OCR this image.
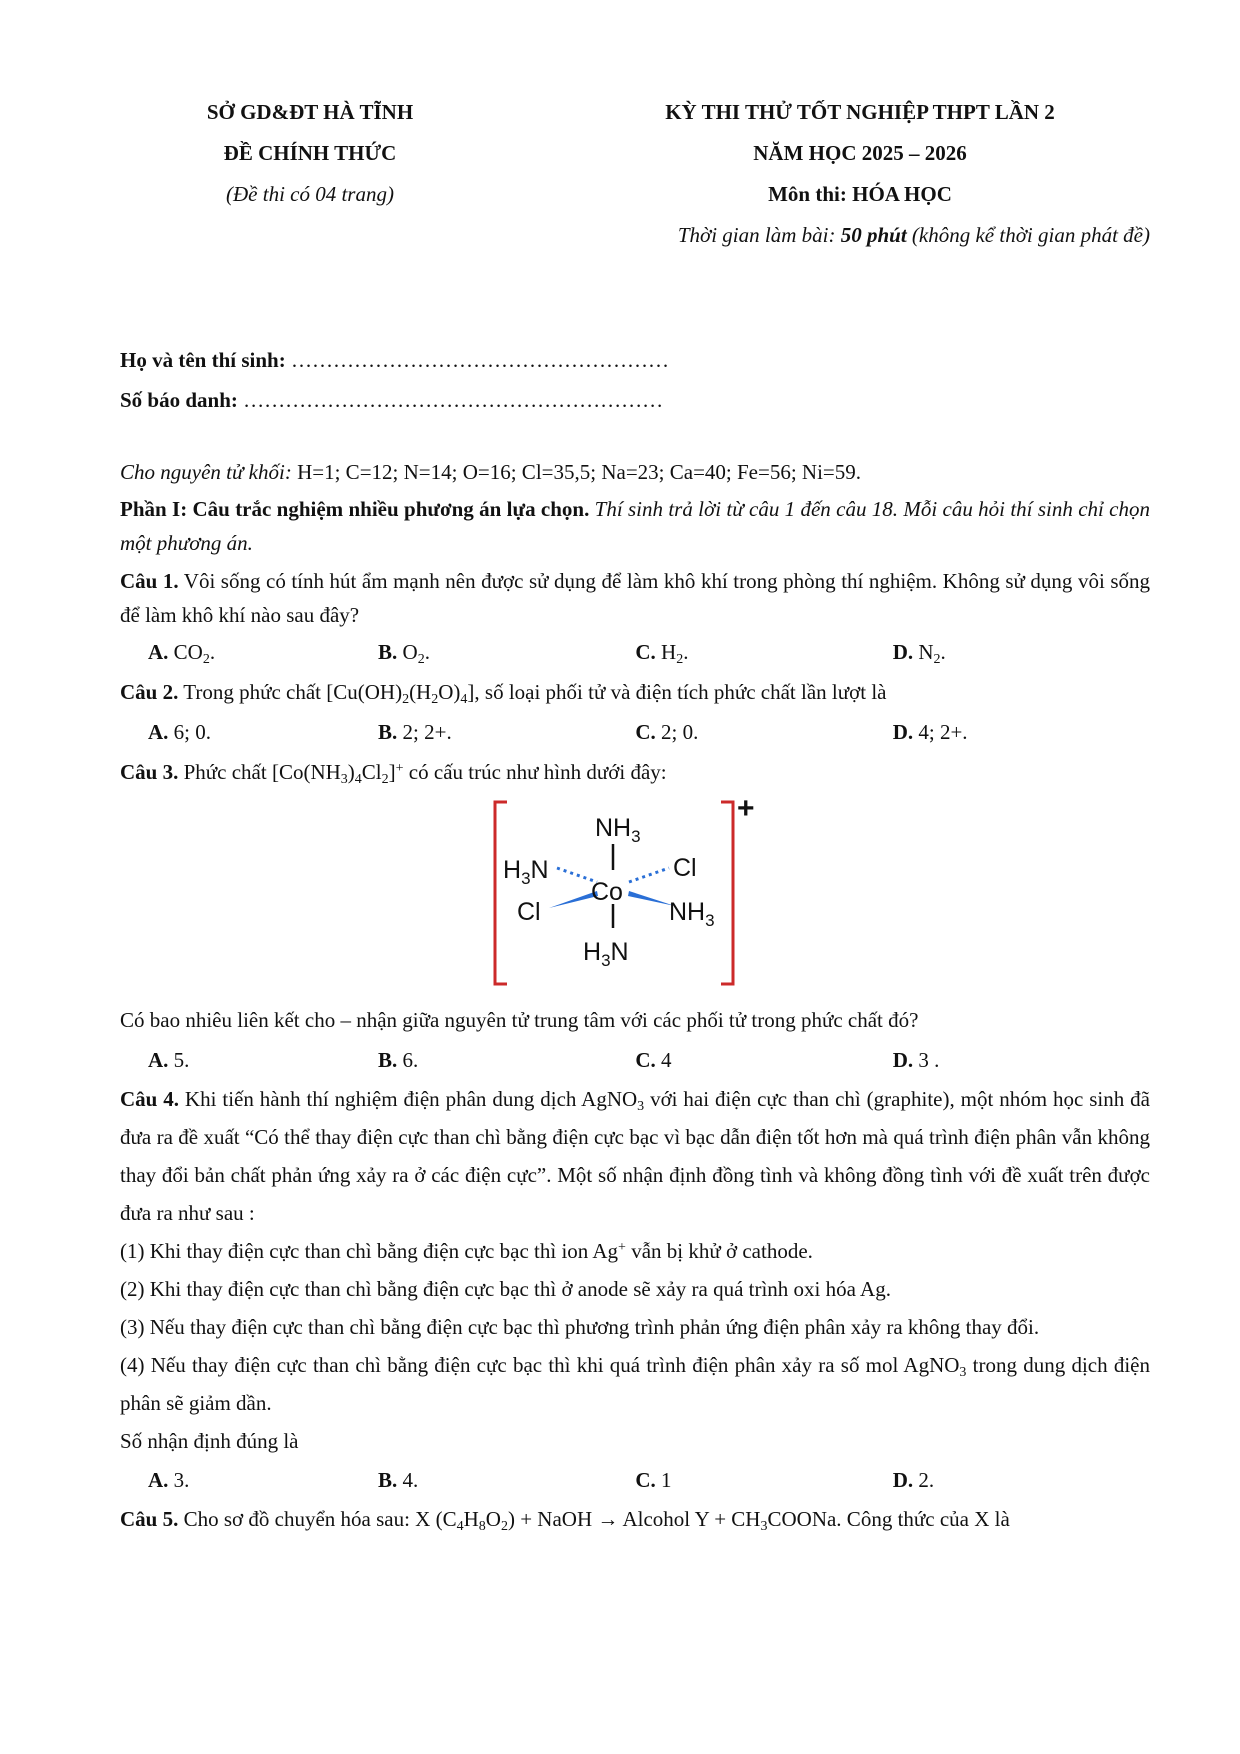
SỞ GD&ĐT HÀ TĨNH
ĐỀ CHÍNH THỨC
(Đề thi có 04 trang)
KỲ THI THỬ TỐT NGHIỆP THPT LẦN 2
NĂM HỌC 2025 – 2026
Môn thi: HÓA HỌC
Thời gian làm bài: 50 phút (không kể thời gian phát đề)
Họ và tên thí sinh: ………………………………………………
Số báo danh: ……………………………………………………

Cho nguyên tử khối: H=1; C=12; N=14; O=16; Cl=35,5; Na=23; Ca=40; Fe=56; Ni=59.

Phần I: Câu trắc nghiệm nhiều phương án lựa chọn. Thí sinh trả lời từ câu 1 đến câu 18. Mỗi câu hỏi thí sinh chỉ chọn một phương án.

Câu 1. Vôi sống có tính hút ẩm mạnh nên được sử dụng để làm khô khí trong phòng thí nghiệm. Không sử dụng vôi sống để làm khô khí nào sau đây?

A. $CO_2$.	B. $O_2$.	C. $H_2$.	D. $N_2$.

Câu 2. Trong phức chất $[Cu(OH)_2(H_2O)_4]$, số loại phối tử và điện tích phức chất lần lượt là

A. 6; 0.	B. 2; 2+.	C. 2; 0.	D. 4; 2+.

Câu 3. Phức chất $[Co(NH_3)_4Cl_2]^+$ có cấu trúc như hình dưới đây:

$NH_3$
Co
$H_3N$	Cl
Cl	$NH_3$
$H_3N$
+

Có bao nhiêu liên kết cho – nhận giữa nguyên tử trung tâm với các phối tử trong phức chất đó?

A. 5.	B. 6.	C. 4	D. 3 .

Câu 4. Khi tiến hành thí nghiệm điện phân dung dịch AgNO$_3$ với hai điện cực than chì (graphite), một nhóm học sinh đã đưa ra đề xuất “Có thể thay điện cực than chì bằng điện cực bạc vì bạc dẫn điện tốt hơn mà quá trình điện phân vẫn không thay đổi bản chất phản ứng xảy ra ở các điện cực”. Một số nhận định đồng tình và không đồng tình với đề xuất trên được đưa ra như sau :

(1) Khi thay điện cực than chì bằng điện cực bạc thì ion Ag+ vẫn bị khử ở cathode.

(2) Khi thay điện cực than chì bằng điện cực bạc thì ở anode sẽ xảy ra quá trình oxi hóa Ag.

(3) Nếu thay điện cực than chì bằng điện cực bạc thì phương trình phản ứng điện phân xảy ra không thay đổi.

(4) Nếu thay điện cực than chì bằng điện cực bạc thì khi quá trình điện phân xảy ra số mol AgNO$_3$ trong dung dịch điện phân sẽ giảm dần.

Số nhận định đúng là

A. 3.	B. 4.	C. 1	D. 2.

Câu 5. Cho sơ đồ chuyển hóa sau: X $(C_4H_8O_2)$ + NaOH → Alcohol $Y + CH_3COONa$. Công thức của X là
